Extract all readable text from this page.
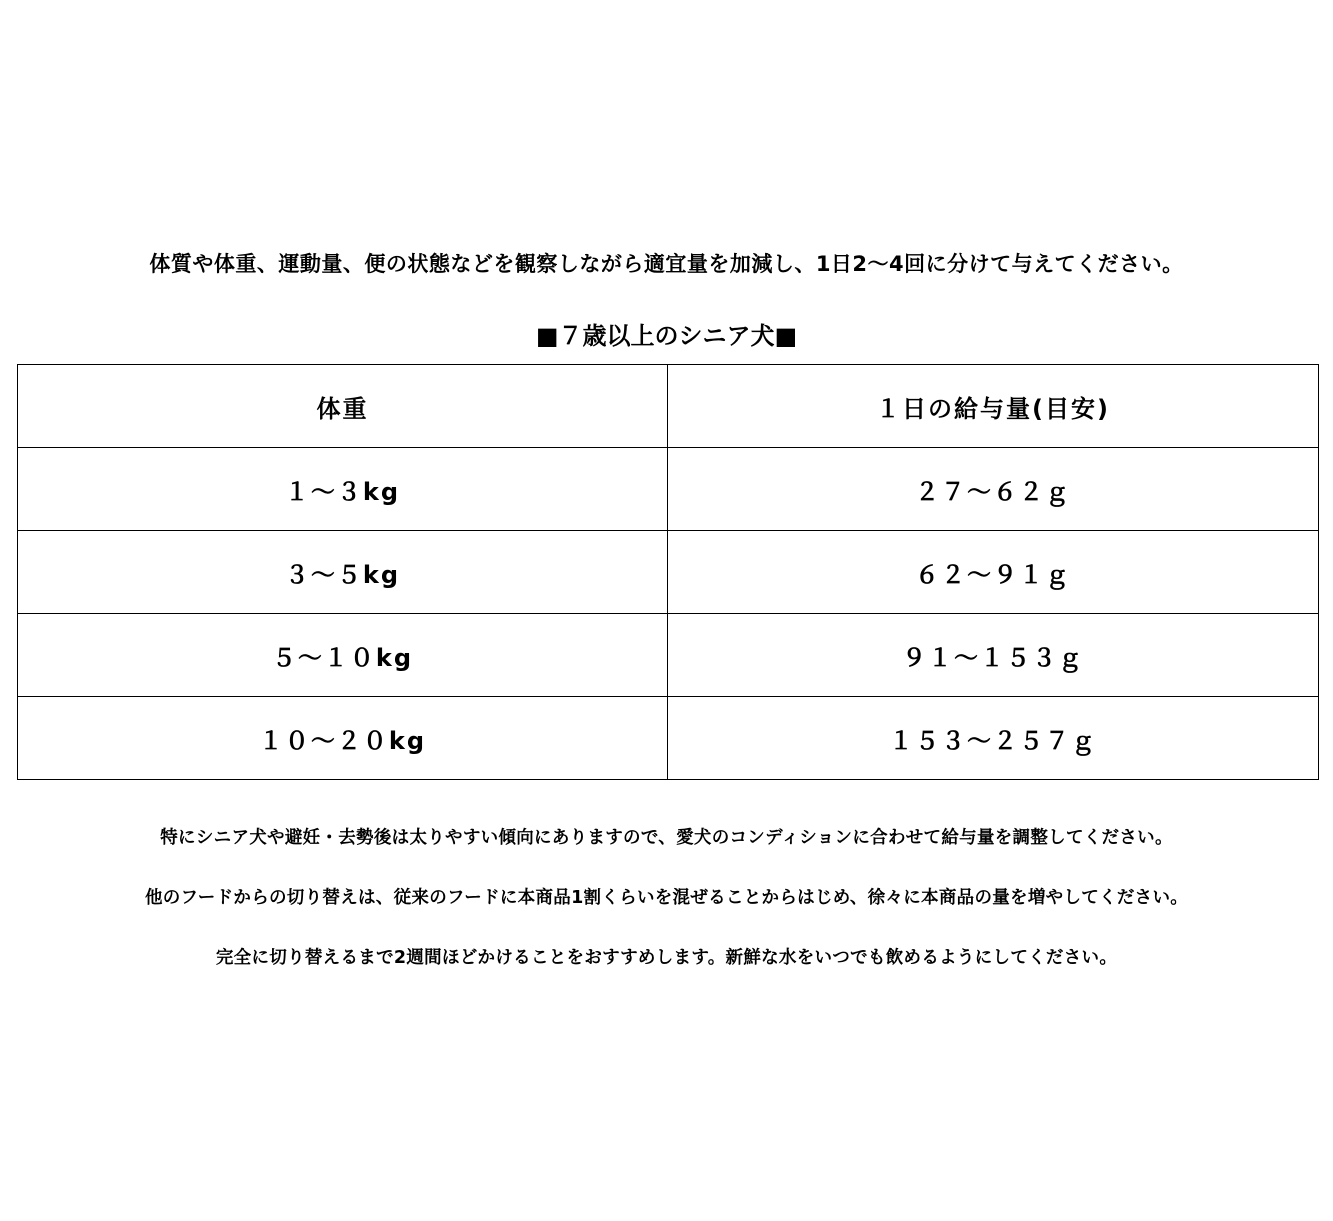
体質や体重、運動量、便の状態などを観察しながら適宜量を加減し、1日2～4回に分けて与えてください。
■７歳以上のシニア犬■
体重	１日の給与量(目安)
１～３kg	２７～６２ｇ
３～５kg	６２～９１ｇ
５～１０kg	９１～１５３ｇ
１０～２０kg	１５３～２５７ｇ
特にシニア犬や避妊・去勢後は太りやすい傾向にありますので、愛犬のコンディションに合わせて給与量を調整してください。
他のフードからの切り替えは、従来のフードに本商品1割くらいを混ぜることからはじめ、徐々に本商品の量を増やしてください。
完全に切り替えるまで2週間ほどかけることをおすすめします。新鮮な水をいつでも飲めるようにしてください。
